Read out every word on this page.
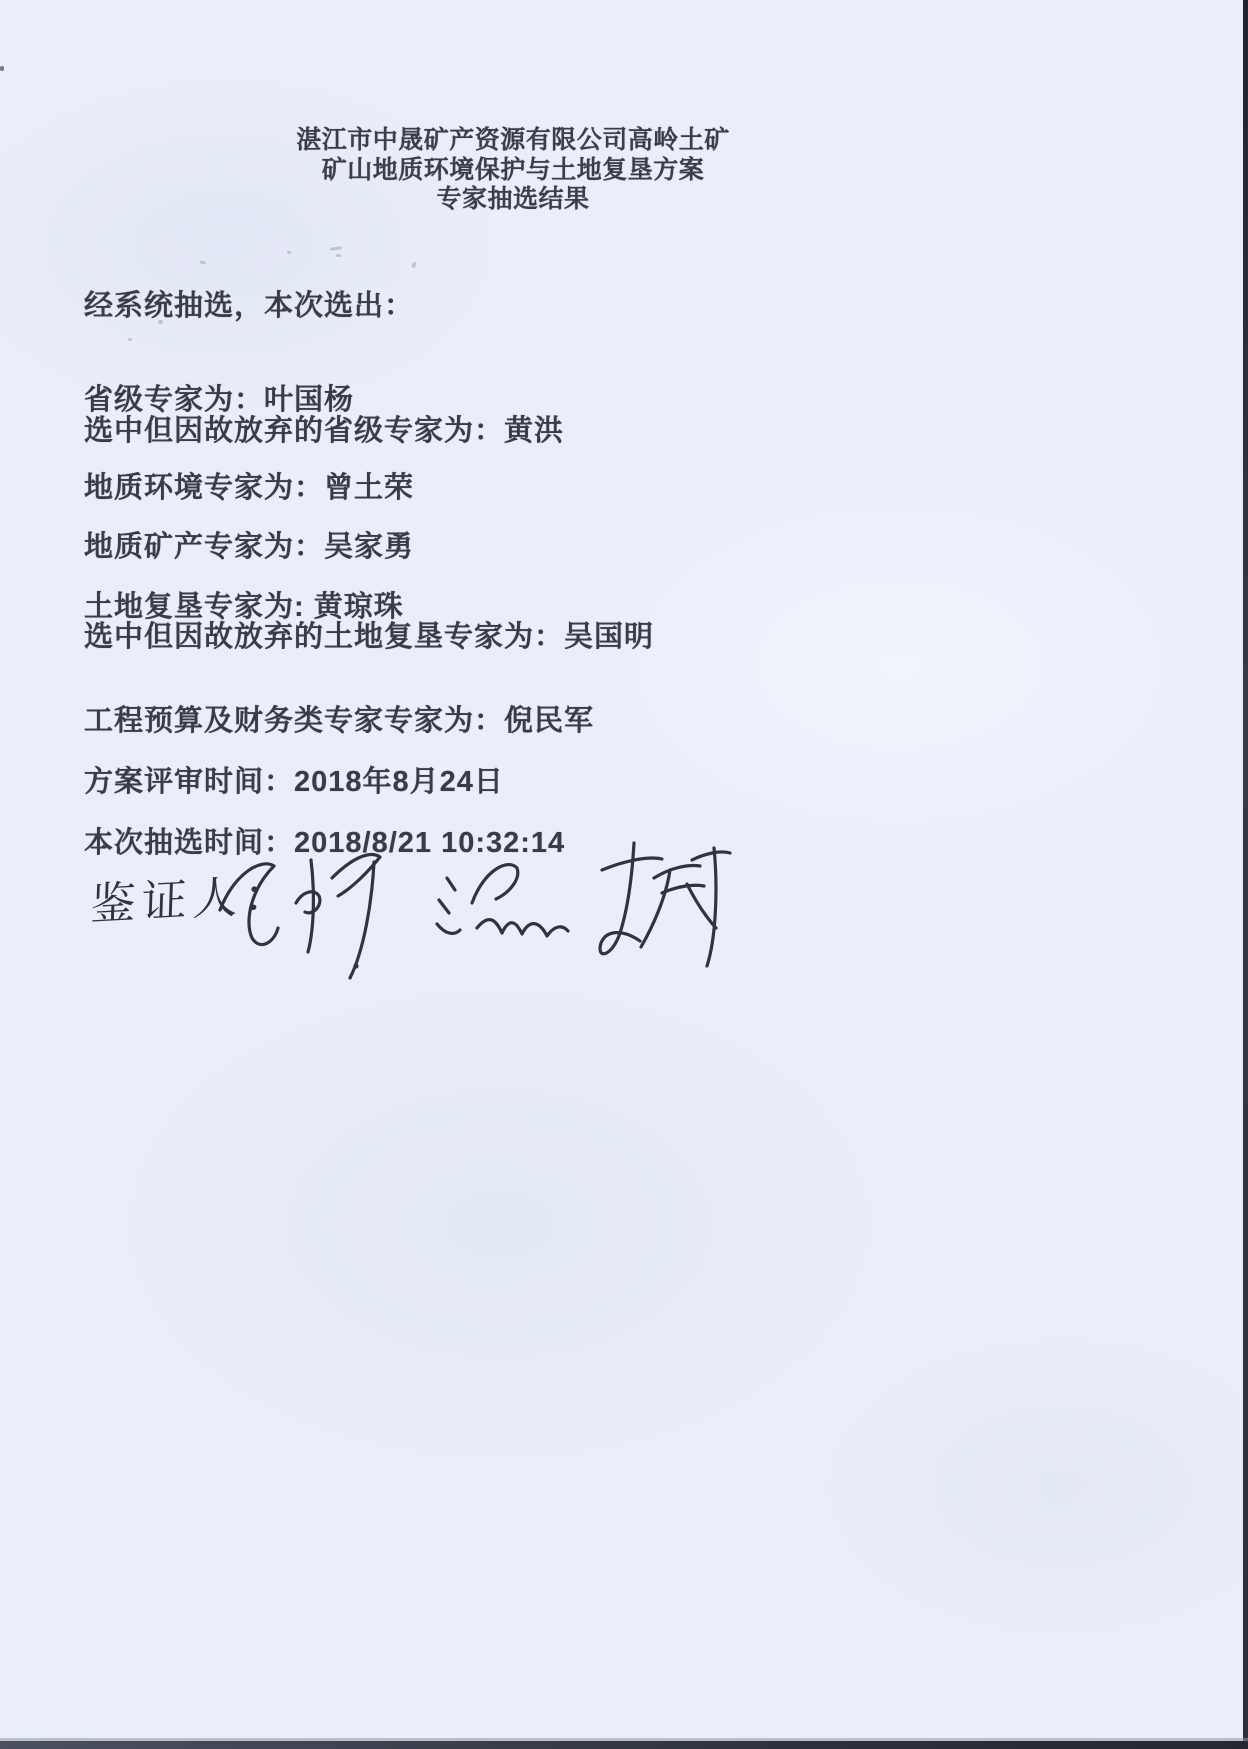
湛江市中晟矿产资源有限公司高岭土矿
矿山地质环境保护与土地复垦方案
专家抽选结果
经系统抽选，本次选出：
省级专家为：叶国杨
选中但因故放弃的省级专家为：黄洪
地质环境专家为：曾土荣
地质矿产专家为：吴家勇
土地复垦专家为: 黄琼珠
选中但因故放弃的土地复垦专家为：吴国明
工程预算及财务类专家专家为：倪民军
方案评审时间：2018年8月24日
本次抽选时间：2018/8/21 10:32:14
鉴证人：
